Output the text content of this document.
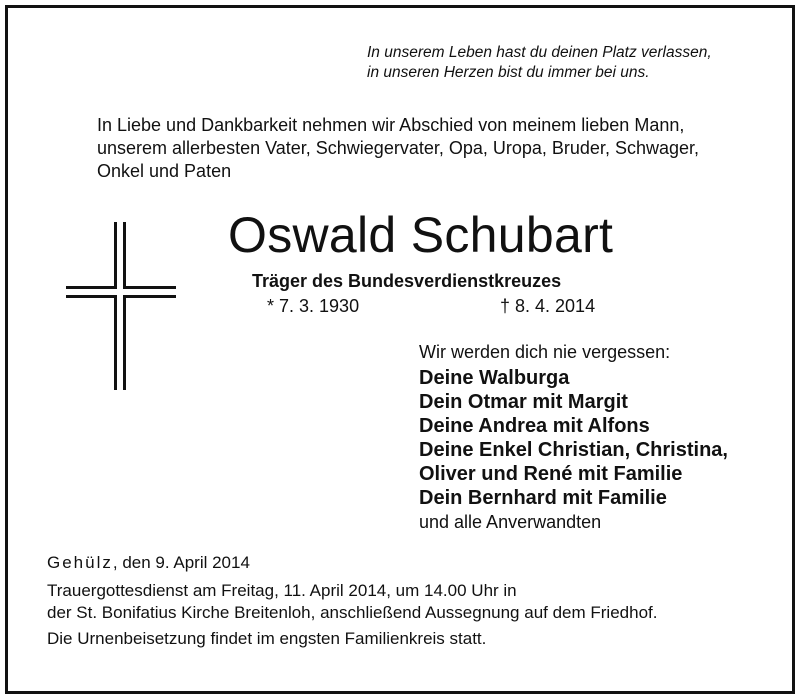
In unserem Leben hast du deinen Platz verlassen,
in unseren Herzen bist du immer bei uns.
In Liebe und Dankbarkeit nehmen wir Abschied von meinem lieben Mann,
unserem allerbesten Vater, Schwiegervater, Opa, Uropa, Bruder, Schwager,
Onkel und Paten
Oswald Schubart
Träger des Bundesverdienstkreuzes
* 7. 3. 1930	† 8. 4. 2014
Wir werden dich nie vergessen:
Deine Walburga
Dein Otmar mit Margit
Deine Andrea mit Alfons
Deine Enkel Christian, Christina,
Oliver und René mit Familie
Dein Bernhard mit Familie
und alle Anverwandten
Gehülz, den 9. April 2014
Trauergottesdienst am Freitag, 11. April 2014, um 14.00 Uhr in
der St. Bonifatius Kirche Breitenloh, anschließend Aussegnung auf dem Friedhof.
Die Urnenbeisetzung findet im engsten Familienkreis statt.
